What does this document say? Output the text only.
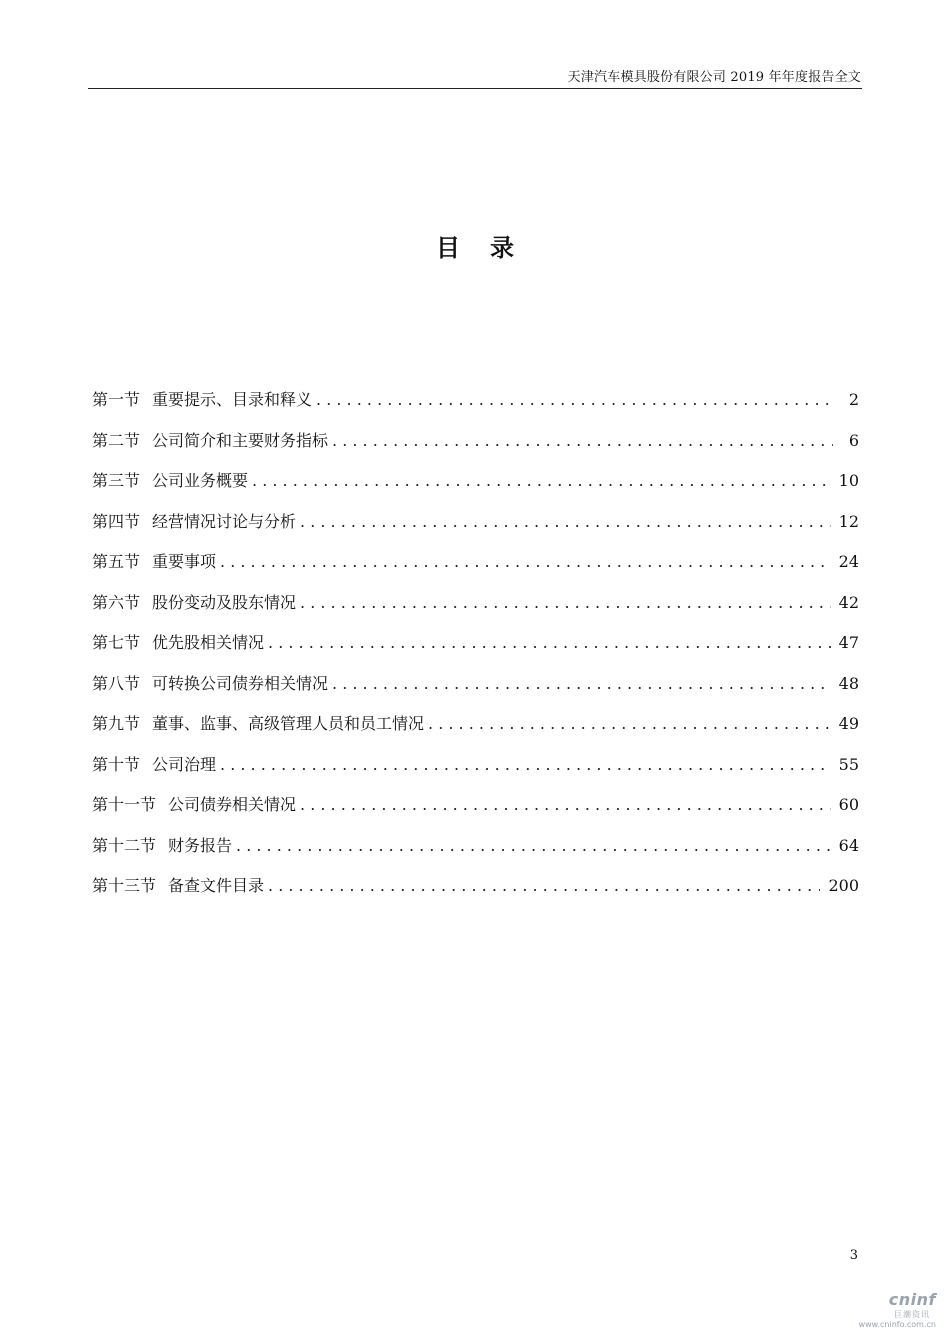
天津汽车模具股份有限公司 2019 年年度报告全文
目录
第一节 重要提示、目录和释义 . . .	2
第二节 公司简介和主要财务指标 . . .	6
第三节 公司业务概要 . . .	10
第四节 经营情况讨论与分析 . . .	12
第五节 重要事项 . . .	24
第六节 股份变动及股东情况 . . .	42
第七节 优先股相关情况 . . .	47
第八节 可转换公司债券相关情况 . . .	48
第九节 董事、监事、高级管理人员和员工情况 . . .	49
第十节 公司治理 . . .	55
第十一节 公司债券相关情况 . . .	60
第十二节 财务报告 . . .	64
第十三节 备查文件目录 . . .	200
3
cninf
巨潮资讯
www.cninfo.com.cn
